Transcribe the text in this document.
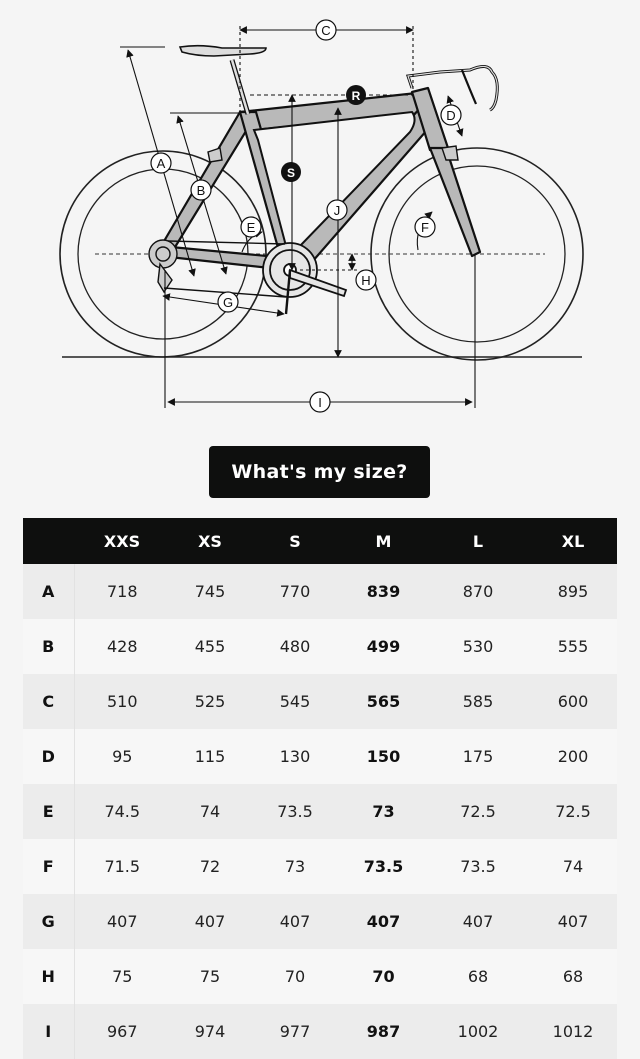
C
A
B
R
S
D
J
E	F
H
G
I
What's my size?
	XXS	XS	S	M	L	XL
A	718	745	770	839	870	895
B	428	455	480	499	530	555
C	510	525	545	565	585	600
D	95	115	130	150	175	200
E	74.5	74	73.5	73	72.5	72.5
F	71.5	72	73	73.5	73.5	74
G	407	407	407	407	407	407
H	75	75	70	70	68	68
I	967	974	977	987	1002	1012
